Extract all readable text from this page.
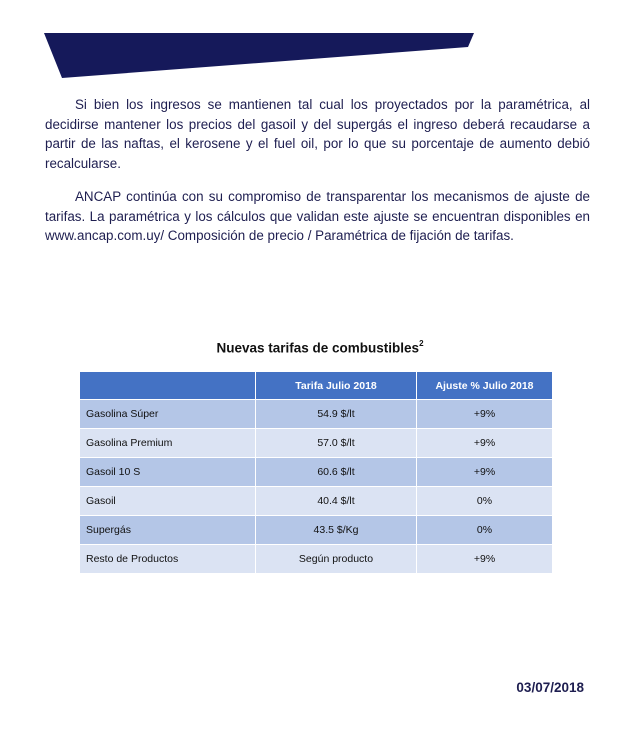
Si bien los ingresos se mantienen tal cual los proyectados por la paramétrica, al decidirse mantener los precios del gasoil y del supergás el ingreso deberá recaudarse a partir de las naftas, el kerosene y el fuel oil, por lo que su porcentaje de aumento debió recalcularse.

ANCAP continúa con su compromiso de transparentar los mecanismos de ajuste de tarifas. La paramétrica y los cálculos que validan este ajuste se encuentran disponibles en www.ancap.com.uy/ Composición de precio / Paramétrica de fijación de tarifas.

Nuevas tarifas de combustibles$^2$
	Tarifa Julio 2018	Ajuste % Julio 2018
Gasolina Súper	54.9 $/lt	+9%
Gasolina Premium	57.0 $/lt	+9%
Gasoil 10 S	60.6 $/lt	+9%
Gasoil	40.4 $/lt	0%
Supergás	43.5 $/Kg	0%
Resto de Productos	Según producto	+9%
03/07/2018
